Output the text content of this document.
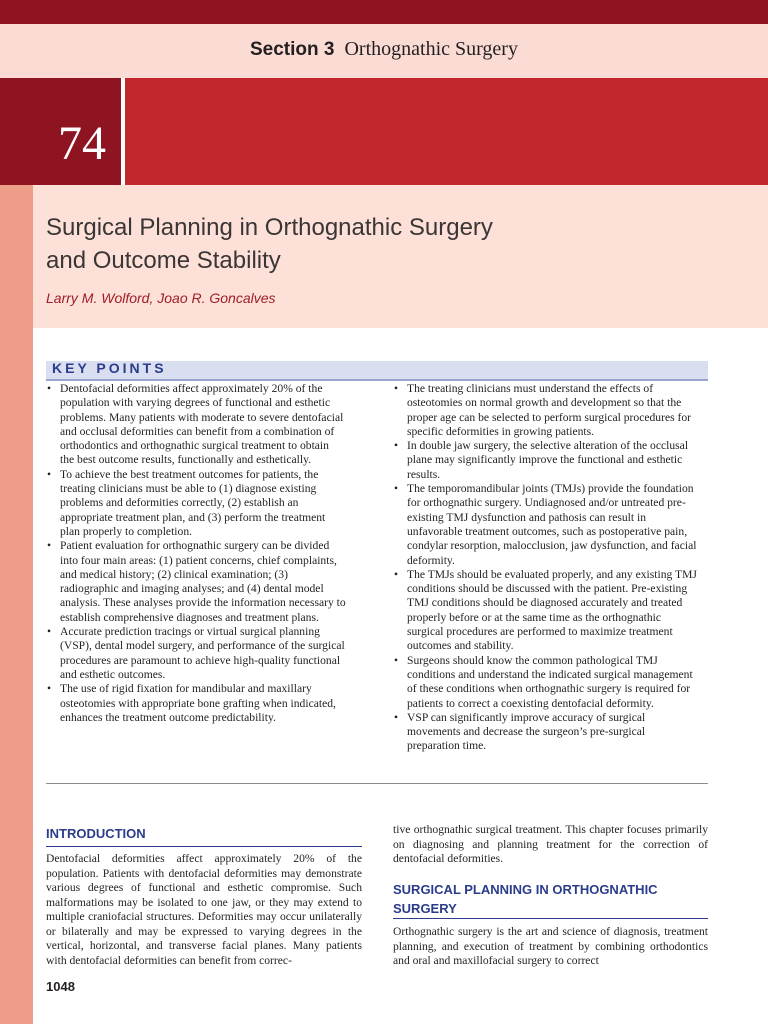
Section 3 Orthognathic Surgery
74
Surgical Planning in Orthognathic Surgery
and Outcome Stability
Larry M. Wolford, Joao R. Goncalves
KEY POINTS
• Dentofacial deformities affect approximately 20% of the population with varying degrees of functional and esthetic problems. Many patients with moderate to severe dentofacial and occlusal deformities can benefit from a combination of orthodontics and orthognathic surgical treatment to obtain the best outcome results, functionally and esthetically.
• To achieve the best treatment outcomes for patients, the treating clinicians must be able to (1) diagnose existing problems and deformities correctly, (2) establish an appropriate treatment plan, and (3) perform the treatment plan properly to completion.
• Patient evaluation for orthognathic surgery can be divided into four main areas: (1) patient concerns, chief complaints, and medical history; (2) clinical examination; (3) radiographic and imaging analyses; and (4) dental model analysis. These analyses provide the information necessary to establish comprehensive diagnoses and treatment plans.
• Accurate prediction tracings or virtual surgical planning (VSP), dental model surgery, and performance of the surgical procedures are paramount to achieve high-quality functional and esthetic outcomes.
• The use of rigid fixation for mandibular and maxillary osteotomies with appropriate bone grafting when indicated, enhances the treatment outcome predictability.
• The treating clinicians must understand the effects of osteotomies on normal growth and development so that the proper age can be selected to perform surgical procedures for specific deformities in growing patients.
• In double jaw surgery, the selective alteration of the occlusal plane may significantly improve the functional and esthetic results.
• The temporomandibular joints (TMJs) provide the foundation for orthognathic surgery. Undiagnosed and/or untreated pre-existing TMJ dysfunction and pathosis can result in unfavorable treatment outcomes, such as postoperative pain, condylar resorption, malocclusion, jaw dysfunction, and facial deformity.
• The TMJs should be evaluated properly, and any existing TMJ conditions should be discussed with the patient. Pre-existing TMJ conditions should be diagnosed accurately and treated properly before or at the same time as the orthognathic surgical procedures are performed to maximize treatment outcomes and stability.
• Surgeons should know the common pathological TMJ conditions and understand the indicated surgical management of these conditions when orthognathic surgery is required for patients to correct a coexisting dentofacial deformity.
• VSP can significantly improve accuracy of surgical movements and decrease the surgeon’s pre-surgical preparation time.
INTRODUCTION

Dentofacial deformities affect approximately 20% of the population. Patients with dentofacial deformities may demonstrate various degrees of functional and esthetic compromise. Such malformations may be isolated to one jaw, or they may extend to multiple craniofacial structures. Deformities may occur unilaterally or bilaterally and may be expressed to varying degrees in the vertical, horizontal, and transverse facial planes. Many patients with dentofacial deformities can benefit from correc-

tive orthognathic surgical treatment. This chapter focuses primarily on diagnosing and planning treatment for the correction of dentofacial deformities.

SURGICAL PLANNING IN ORTHOGNATHIC SURGERY

Orthognathic surgery is the art and science of diagnosis, treatment planning, and execution of treatment by combining orthodontics and oral and maxillofacial surgery to correct

1048
